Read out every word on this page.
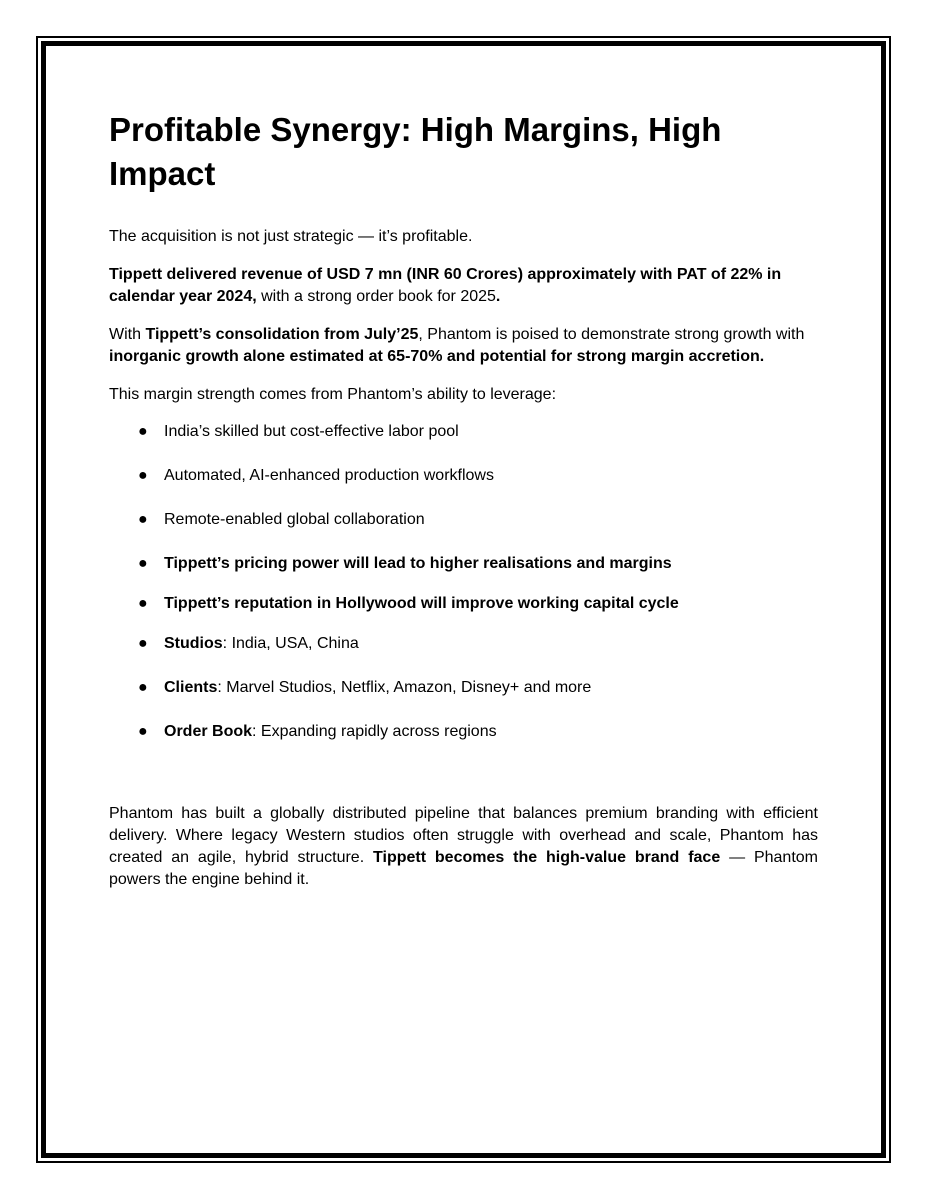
Profitable Synergy: High Margins, High Impact

The acquisition is not just strategic — it’s profitable.

Tippett delivered revenue of USD 7 mn (INR 60 Crores) approximately with PAT of 22% in calendar year 2024, with a strong order book for 2025.

With Tippett’s consolidation from July’25, Phantom is poised to demonstrate strong growth with inorganic growth alone estimated at 65-70% and potential for strong margin accretion.

This margin strength comes from Phantom’s ability to leverage:

● India’s skilled but cost-effective labor pool
● Automated, AI-enhanced production workflows
● Remote-enabled global collaboration
● Tippett’s pricing power will lead to higher realisations and margins
● Tippett’s reputation in Hollywood will improve working capital cycle
● Studios: India, USA, China
● Clients: Marvel Studios, Netflix, Amazon, Disney+ and more
● Order Book: Expanding rapidly across regions

Phantom has built a globally distributed pipeline that balances premium branding with efficient delivery. Where legacy Western studios often struggle with overhead and scale, Phantom has created an agile, hybrid structure. Tippett becomes the high-value brand face — Phantom powers the engine behind it.
